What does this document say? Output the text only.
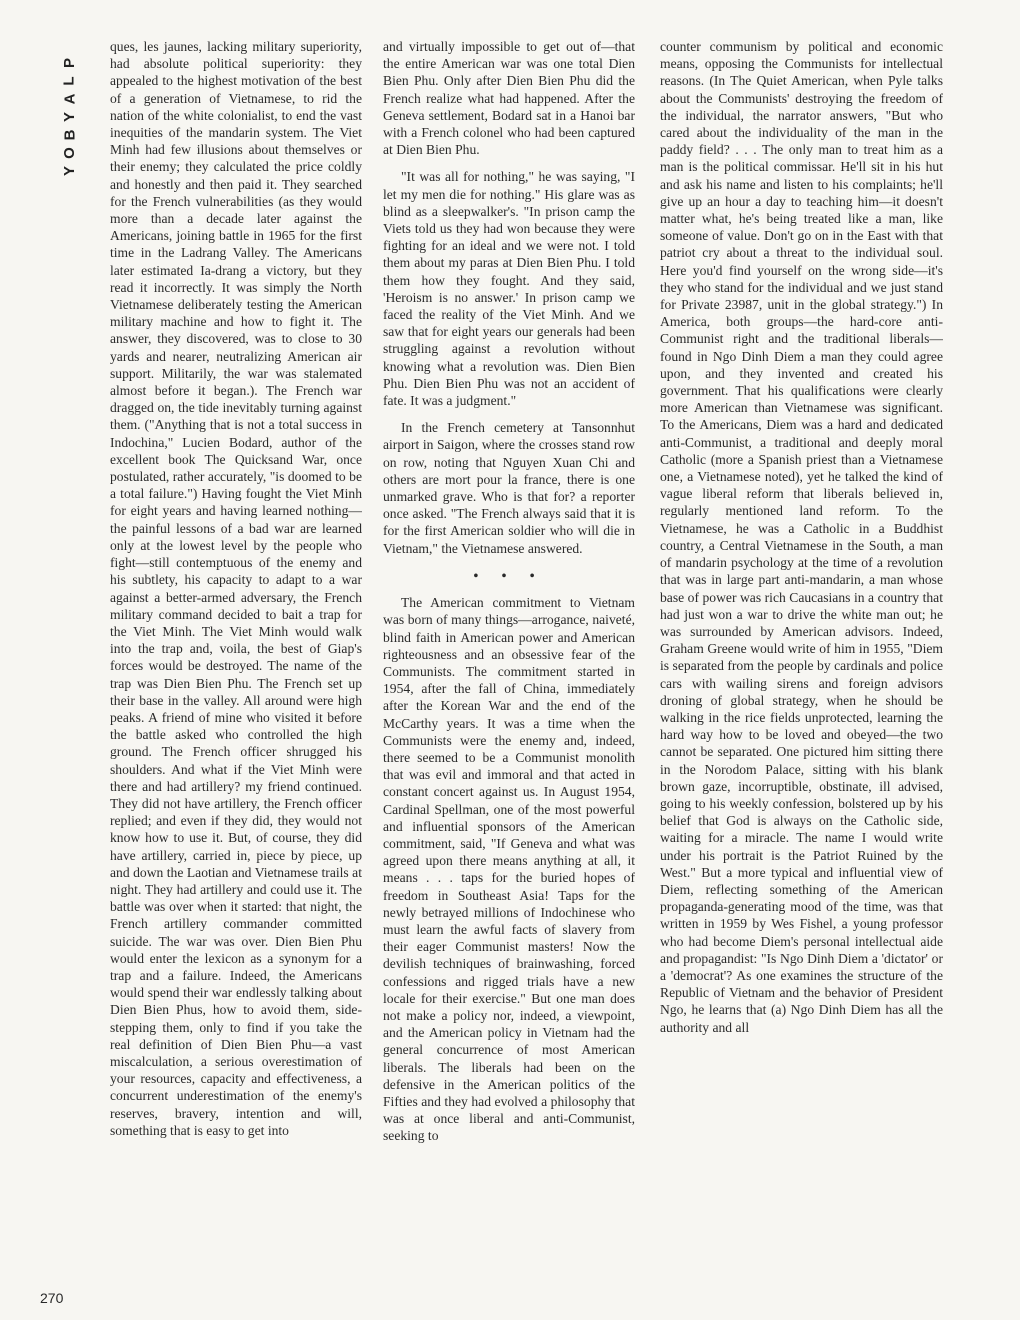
P
L
A
Y
B
O
Y

ques, les jaunes, lacking military superiority, had absolute political superiority: they appealed to the highest motivation of the best of a generation of Vietnamese, to rid the nation of the white colonialist, to end the vast inequities of the mandarin system. The Viet Minh had few illusions about themselves or their enemy; they calculated the price coldly and honestly and then paid it. They searched for the French vulnerabilities (as they would more than a decade later against the Americans, joining battle in 1965 for the first time in the Ladrang Valley. The Americans later estimated Ia-drang a victory, but they read it incorrectly. It was simply the North Vietnamese deliberately testing the American military machine and how to fight it. The answer, they discovered, was to close to 30 yards and nearer, neutralizing American air support. Militarily, the war was stalemated almost before it began.). The French war dragged on, the tide inevitably turning against them. ("Anything that is not a total success in Indochina," Lucien Bodard, author of the excellent book The Quicksand War, once postulated, rather accurately, "is doomed to be a total failure.") Having fought the Viet Minh for eight years and having learned nothing—the painful lessons of a bad war are learned only at the lowest level by the people who fight—still contemptuous of the enemy and his subtlety, his capacity to adapt to a war against a better-armed adversary, the French military command decided to bait a trap for the Viet Minh. The Viet Minh would walk into the trap and, voila, the best of Giap's forces would be destroyed. The name of the trap was Dien Bien Phu. The French set up their base in the valley. All around were high peaks. A friend of mine who visited it before the battle asked who controlled the high ground. The French officer shrugged his shoulders. And what if the Viet Minh were there and had artillery? my friend continued. They did not have artillery, the French officer replied; and even if they did, they would not know how to use it. But, of course, they did have artillery, carried in, piece by piece, up and down the Laotian and Vietnamese trails at night. They had artillery and could use it. The battle was over when it started: that night, the French artillery commander committed suicide. The war was over. Dien Bien Phu would enter the lexicon as a synonym for a trap and a failure. Indeed, the Americans would spend their war endlessly talking about Dien Bien Phus, how to avoid them, side-stepping them, only to find if you take the real definition of Dien Bien Phu—a vast miscalculation, a serious overestimation of your resources, capacity and effectiveness, a concurrent underestimation of the enemy's reserves, bravery, intention and will, something that is easy to get into

and virtually impossible to get out of—that the entire American war was one total Dien Bien Phu. Only after Dien Bien Phu did the French realize what had happened. After the Geneva settlement, Bodard sat in a Hanoi bar with a French colonel who had been captured at Dien Bien Phu.

"It was all for nothing," he was saying, "I let my men die for nothing." His glare was as blind as a sleepwalker's. "In prison camp the Viets told us they had won because they were fighting for an ideal and we were not. I told them about my paras at Dien Bien Phu. I told them how they fought. And they said, 'Heroism is no answer.' In prison camp we faced the reality of the Viet Minh. And we saw that for eight years our generals had been struggling against a revolution without knowing what a revolution was. Dien Bien Phu. Dien Bien Phu was not an accident of fate. It was a judgment."

In the French cemetery at Tansonnhut airport in Saigon, where the crosses stand row on row, noting that Nguyen Xuan Chi and others are mort pour la france, there is one unmarked grave. Who is that for? a reporter once asked. "The French always said that it is for the first American soldier who will die in Vietnam," the Vietnamese answered.

• • •

The American commitment to Vietnam was born of many things—arrogance, naiveté, blind faith in American power and American righteousness and an obsessive fear of the Communists. The commitment started in 1954, after the fall of China, immediately after the Korean War and the end of the McCarthy years. It was a time when the Communists were the enemy and, indeed, there seemed to be a Communist monolith that was evil and immoral and that acted in constant concert against us. In August 1954, Cardinal Spellman, one of the most powerful and influential sponsors of the American commitment, said, "If Geneva and what was agreed upon there means anything at all, it means . . . taps for the buried hopes of freedom in Southeast Asia! Taps for the newly betrayed millions of Indochinese who must learn the awful facts of slavery from their eager Communist masters! Now the devilish techniques of brainwashing, forced confessions and rigged trials have a new locale for their exercise." But one man does not make a policy nor, indeed, a viewpoint, and the American policy in Vietnam had the general concurrence of most American liberals. The liberals had been on the defensive in the American politics of the Fifties and they had evolved a philosophy that was at once liberal and anti-Communist, seeking to

counter communism by political and economic means, opposing the Communists for intellectual reasons. (In The Quiet American, when Pyle talks about the Communists' destroying the freedom of the individual, the narrator answers, "But who cared about the individuality of the man in the paddy field? . . . The only man to treat him as a man is the political commissar. He'll sit in his hut and ask his name and listen to his complaints; he'll give up an hour a day to teaching him—it doesn't matter what, he's being treated like a man, like someone of value. Don't go on in the East with that patriot cry about a threat to the individual soul. Here you'd find yourself on the wrong side—it's they who stand for the individual and we just stand for Private 23987, unit in the global strategy.") In America, both groups—the hard-core anti-Communist right and the traditional liberals—found in Ngo Dinh Diem a man they could agree upon, and they invented and created his government. That his qualifications were clearly more American than Vietnamese was significant. To the Americans, Diem was a hard and dedicated anti-Communist, a traditional and deeply moral Catholic (more a Spanish priest than a Vietnamese one, a Vietnamese noted), yet he talked the kind of vague liberal reform that liberals believed in, regularly mentioned land reform. To the Vietnamese, he was a Catholic in a Buddhist country, a Central Vietnamese in the South, a man of mandarin psychology at the time of a revolution that was in large part anti-mandarin, a man whose base of power was rich Caucasians in a country that had just won a war to drive the white man out; he was surrounded by American advisors. Indeed, Graham Greene would write of him in 1955, "Diem is separated from the people by cardinals and police cars with wailing sirens and foreign advisors droning of global strategy, when he should be walking in the rice fields unprotected, learning the hard way how to be loved and obeyed—the two cannot be separated. One pictured him sitting there in the Norodom Palace, sitting with his blank brown gaze, incorruptible, obstinate, ill advised, going to his weekly confession, bolstered up by his belief that God is always on the Catholic side, waiting for a miracle. The name I would write under his portrait is the Patriot Ruined by the West." But a more typical and influential view of Diem, reflecting something of the American propaganda-generating mood of the time, was that written in 1959 by Wes Fishel, a young professor who had become Diem's personal intellectual aide and propagandist: "Is Ngo Dinh Diem a 'dictator' or a 'democrat'? As one examines the structure of the Republic of Vietnam and the behavior of President Ngo, he learns that (a) Ngo Dinh Diem has all the authority and all

270
